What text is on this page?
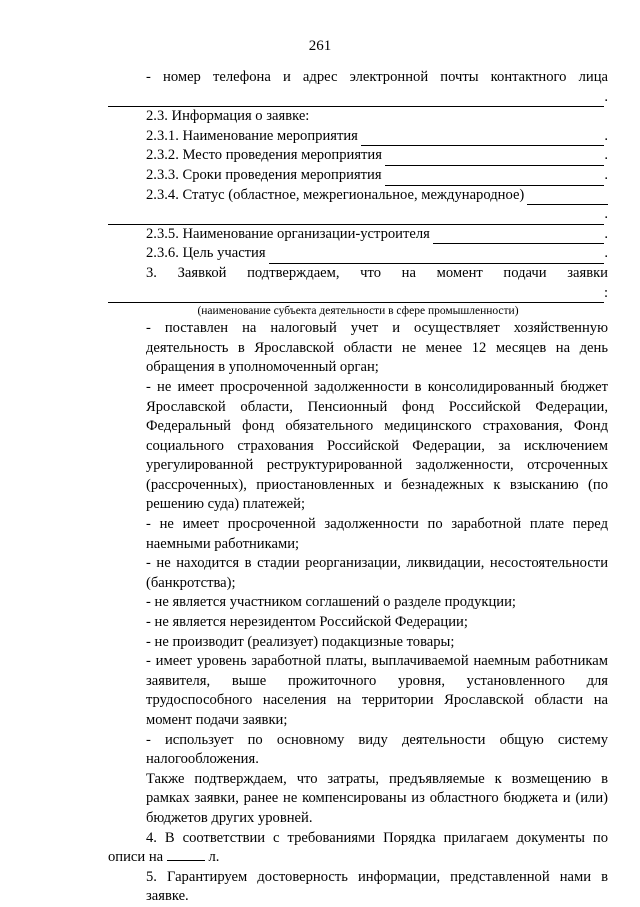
261
- номер телефона и адрес электронной почты контактного лица
.
2.3. Информация о заявке:
2.3.1. Наименование мероприятия	.
2.3.2. Место проведения мероприятия	.
2.3.3. Сроки проведения мероприятия	.
2.3.4. Статус (областное, межрегиональное, международное)
.
2.3.5. Наименование организации-устроителя	.
2.3.6. Цель участия	.
3. Заявкой подтверждаем, что на момент подачи заявки
:
(наименование субъекта деятельности в сфере промышленности)
- поставлен на налоговый учет и осуществляет хозяйственную деятельность в Ярославской области не менее 12 месяцев на день обращения в уполномоченный орган;
- не имеет просроченной задолженности в консолидированный бюджет Ярославской области, Пенсионный фонд Российской Федерации, Федеральный фонд обязательного медицинского страхования, Фонд социального страхования Российской Федерации, за исключением урегулированной реструктурированной задолженности, отсроченных (рассроченных), приостановленных и безнадежных к взысканию (по решению суда) платежей;
- не имеет просроченной задолженности по заработной плате перед наемными работниками;
- не находится в стадии реорганизации, ликвидации, несостоятельности (банкротства);
- не является участником соглашений о разделе продукции;
- не является нерезидентом Российской Федерации;
- не производит (реализует) подакцизные товары;
- имеет уровень заработной платы, выплачиваемой наемным работникам заявителя, выше прожиточного уровня, установленного для трудоспособного населения на территории Ярославской области на момент подачи заявки;
- использует по основному виду деятельности общую систему налогообложения.
Также подтверждаем, что затраты, предъявляемые к возмещению в рамках заявки, ранее не компенсированы из областного бюджета и (или) бюджетов других уровней.
4. В соответствии с требованиями Порядка прилагаем документы по
описи на	л.
5. Гарантируем достоверность информации, представленной нами в заявке.
